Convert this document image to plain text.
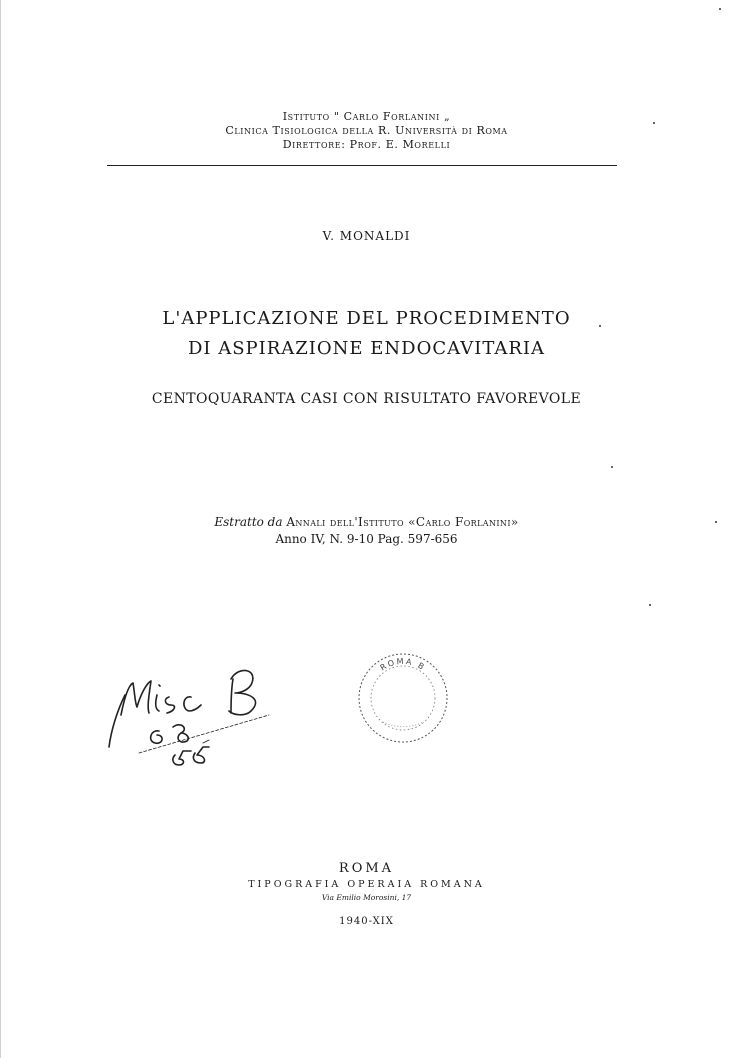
Istituto " Carlo Forlanini „
Clinica Tisiologica della R. Università di Roma
Direttore: Prof. E. Morelli
V. MONALDI
L'APPLICAZIONE DEL PROCEDIMENTO
DI ASPIRAZIONE ENDOCAVITARIA
CENTOQUARANTA CASI CON RISULTATO FAVOREVOLE
Estratto da Annali dell'Istituto «Carlo Forlanini»
Anno IV, N. 9-10 Pag. 597-656
ROMA B
ROMA
TIPOGRAFIA OPERAIA ROMANA
Via Emilio Morosini, 17
1940-XIX
